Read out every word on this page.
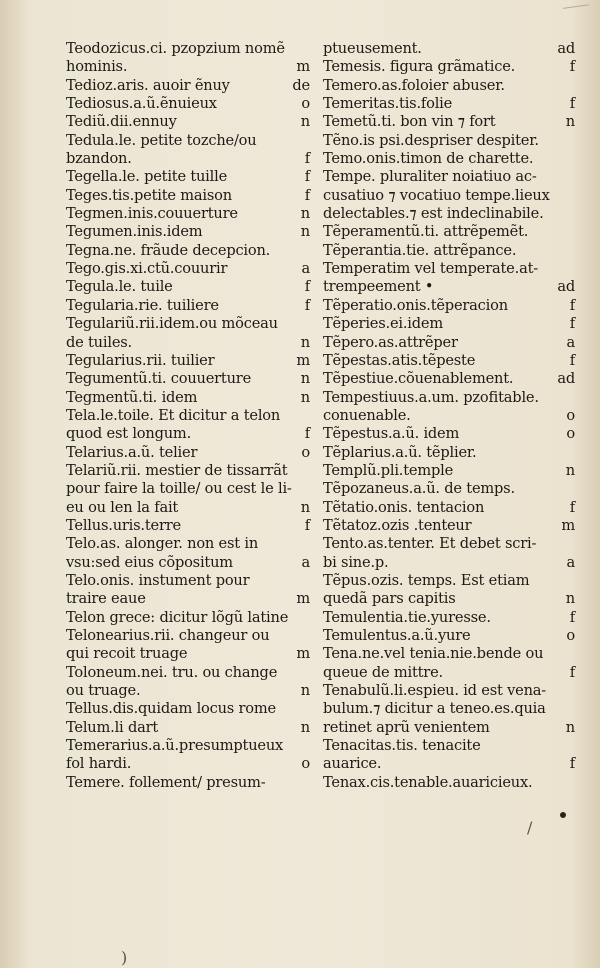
Teodozicus.ci. pzopzium nomẽ
hominis.	m
Tedioz.aris. auoir ẽnuy	de
Tediosus.a.ũ.ẽnuieux	o
Tediũ.dii.ennuy	n
Tedula.le. petite tozche/ou
bzandon.	f
Tegella.le. petite tuille	f
Teges.tis.petite maison	f
Tegmen.inis.couuerture	n
Tegumen.inis.idem	n
Tegna.ne. frãude decepcion.
Tego.gis.xi.ctũ.couurir	a
Tegula.le. tuile	f
Tegularia.rie. tuiliere	f
Tegulariũ.rii.idem.ou mõceau
de tuiles.	n
Tegularius.rii. tuilier	m
Tegumentũ.ti. couuerture	n
Tegmentũ.ti. idem	n
Tela.le.toile. Et dicitur a telon
quod est longum.	f
Telarius.a.ũ. telier	o
Telariũ.rii. mestier de tissarrãt
pour faire la toille/ ou cest le li-
eu ou len la fait	n
Tellus.uris.terre	f
Telo.as. alonger. non est in
vsu:sed eius cõpositum	a
Telo.onis. instument pour
traire eaue	m
Telon grece: dicitur lõgũ latine
Telonearius.rii. changeur ou
qui recoit truage	m
Toloneum.nei. tru. ou change
ou truage.	n
Tellus.dis.quidam locus rome
Telum.li dart	n
Temerarius.a.ũ.presumptueux
fol hardi.	o
Temere. follement/ presum-
ptueusement.	ad
Temesis. figura grãmatice.	f
Temero.as.foloier abuser.
Temeritas.tis.folie	f
Temetũ.ti. bon vin ⁊ fort	n
Tẽno.is psi.despriser despiter.
Temo.onis.timon de charette.
Tempe. pluraliter noiatiuo ac-
cusatiuo ⁊ vocatiuo tempe.lieux
delectables.⁊ est indeclinabile.
Tẽperamentũ.ti. attrẽpemẽt.
Tẽperantia.tie. attrẽpance.
Temperatim vel temperate.at-
trempeement •	ad
Tẽperatio.onis.tẽperacion	f
Tẽperies.ei.idem	f
Tẽpero.as.attrẽper	a
Tẽpestas.atis.tẽpeste	f
Tẽpestiue.cõuenablement.	ad
Tempestiuus.a.um. pzofitable.
conuenable.	o
Tẽpestus.a.ũ. idem	o
Tẽplarius.a.ũ. tẽplier.
Templũ.pli.temple	n
Tẽpozaneus.a.ũ. de temps.
Tẽtatio.onis. tentacion	f
Tẽtatoz.ozis .tenteur	m
Tento.as.tenter. Et debet scri-
bi sine.p.	a
Tẽpus.ozis. temps. Est etiam
quedã pars capitis	n
Temulentia.tie.yuresse.	f
Temulentus.a.ũ.yure	o
Tena.ne.vel tenia.nie.bende ou
queue de mittre.	f
Tenabulũ.li.espieu. id est vena-
bulum.⁊ dicitur a teneo.es.quia
retinet aprũ venientem	n
Tenacitas.tis. tenacite
auarice.	f
Tenax.cis.tenable.auaricieux.
/
)
